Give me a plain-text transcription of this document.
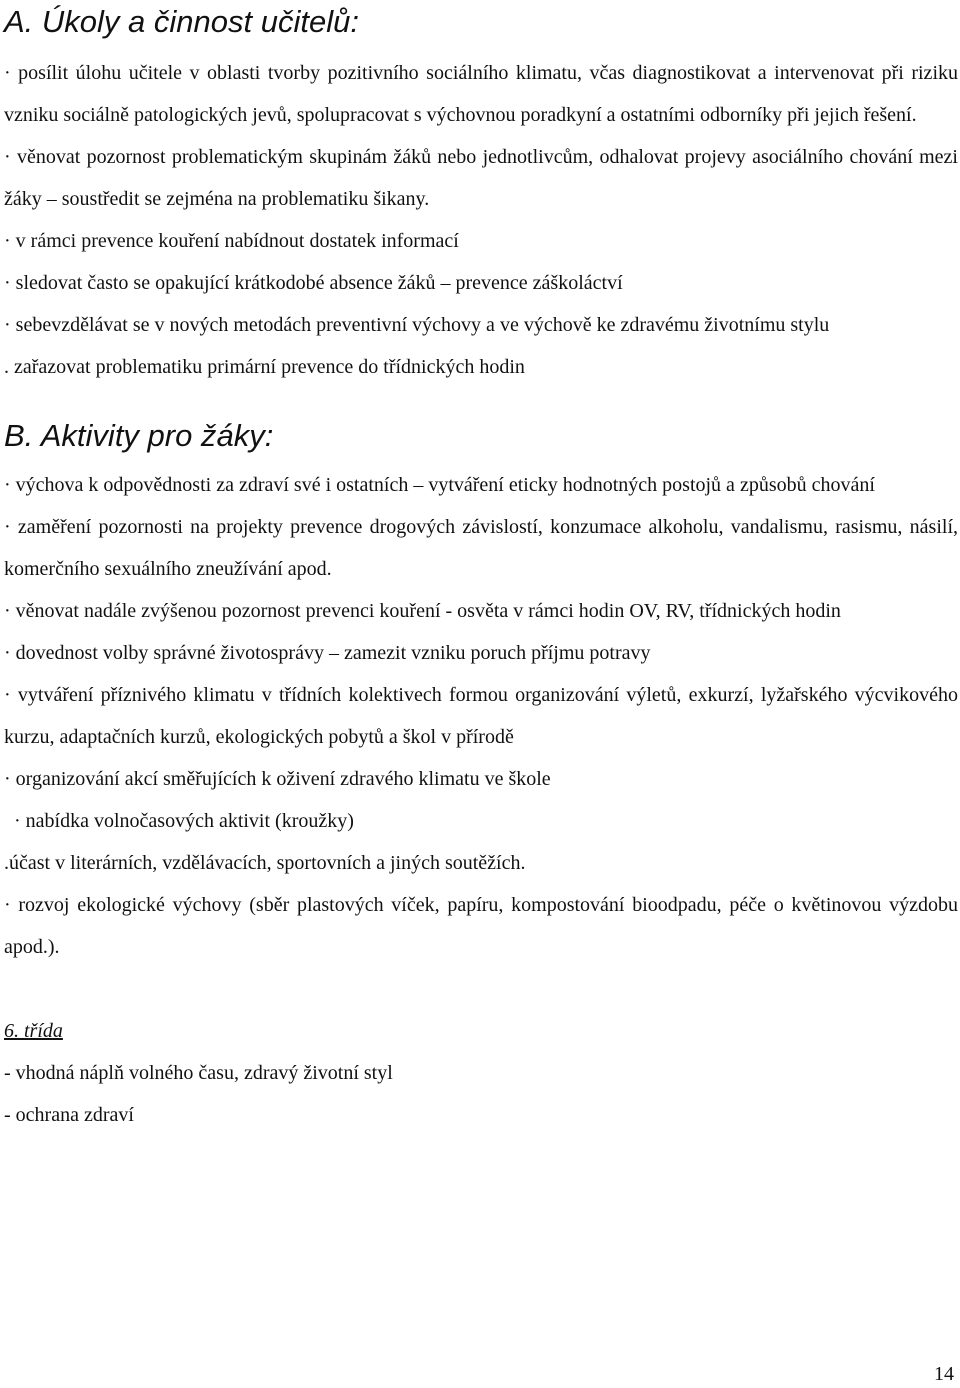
A. Úkoly a činnost učitelů:

· posílit úlohu učitele v oblasti tvorby pozitivního sociálního klimatu, včas diagnostikovat a intervenovat při riziku vzniku sociálně patologických jevů, spolupracovat s výchovnou poradkyní a ostatními odborníky při jejich řešení.

· věnovat pozornost problematickým skupinám žáků nebo jednotlivcům, odhalovat projevy asociálního chování mezi žáky – soustředit se zejména na problematiku šikany.

· v rámci prevence kouření nabídnout dostatek informací

· sledovat často se opakující krátkodobé absence žáků – prevence záškoláctví

· sebevzdělávat se v nových metodách preventivní výchovy a ve výchově ke zdravému životnímu stylu

. zařazovat problematiku primární prevence do třídnických hodin

B. Aktivity pro žáky:

· výchova k odpovědnosti za zdraví své i ostatních – vytváření eticky hodnotných postojů a způsobů chování

· zaměření pozornosti na projekty prevence drogových závislostí, konzumace alkoholu, vandalismu, rasismu, násilí, komerčního sexuálního zneužívání apod.

· věnovat nadále zvýšenou pozornost prevenci kouření - osvěta v rámci hodin OV, RV, třídnických hodin

· dovednost volby správné životosprávy – zamezit vzniku poruch příjmu potravy

· vytváření příznivého klimatu v třídních kolektivech formou organizování výletů, exkurzí, lyžařského výcvikového kurzu, adaptačních kurzů, ekologických pobytů a škol v přírodě

· organizování akcí směřujících k oživení zdravého klimatu ve škole

· nabídka volnočasových aktivit (kroužky)

.účast v literárních, vzdělávacích, sportovních a jiných soutěžích.

· rozvoj ekologické výchovy (sběr plastových víček, papíru, kompostování bioodpadu, péče o květinovou výzdobu apod.).

6. třída

- vhodná náplň volného času, zdravý životní styl

- ochrana zdraví

14
